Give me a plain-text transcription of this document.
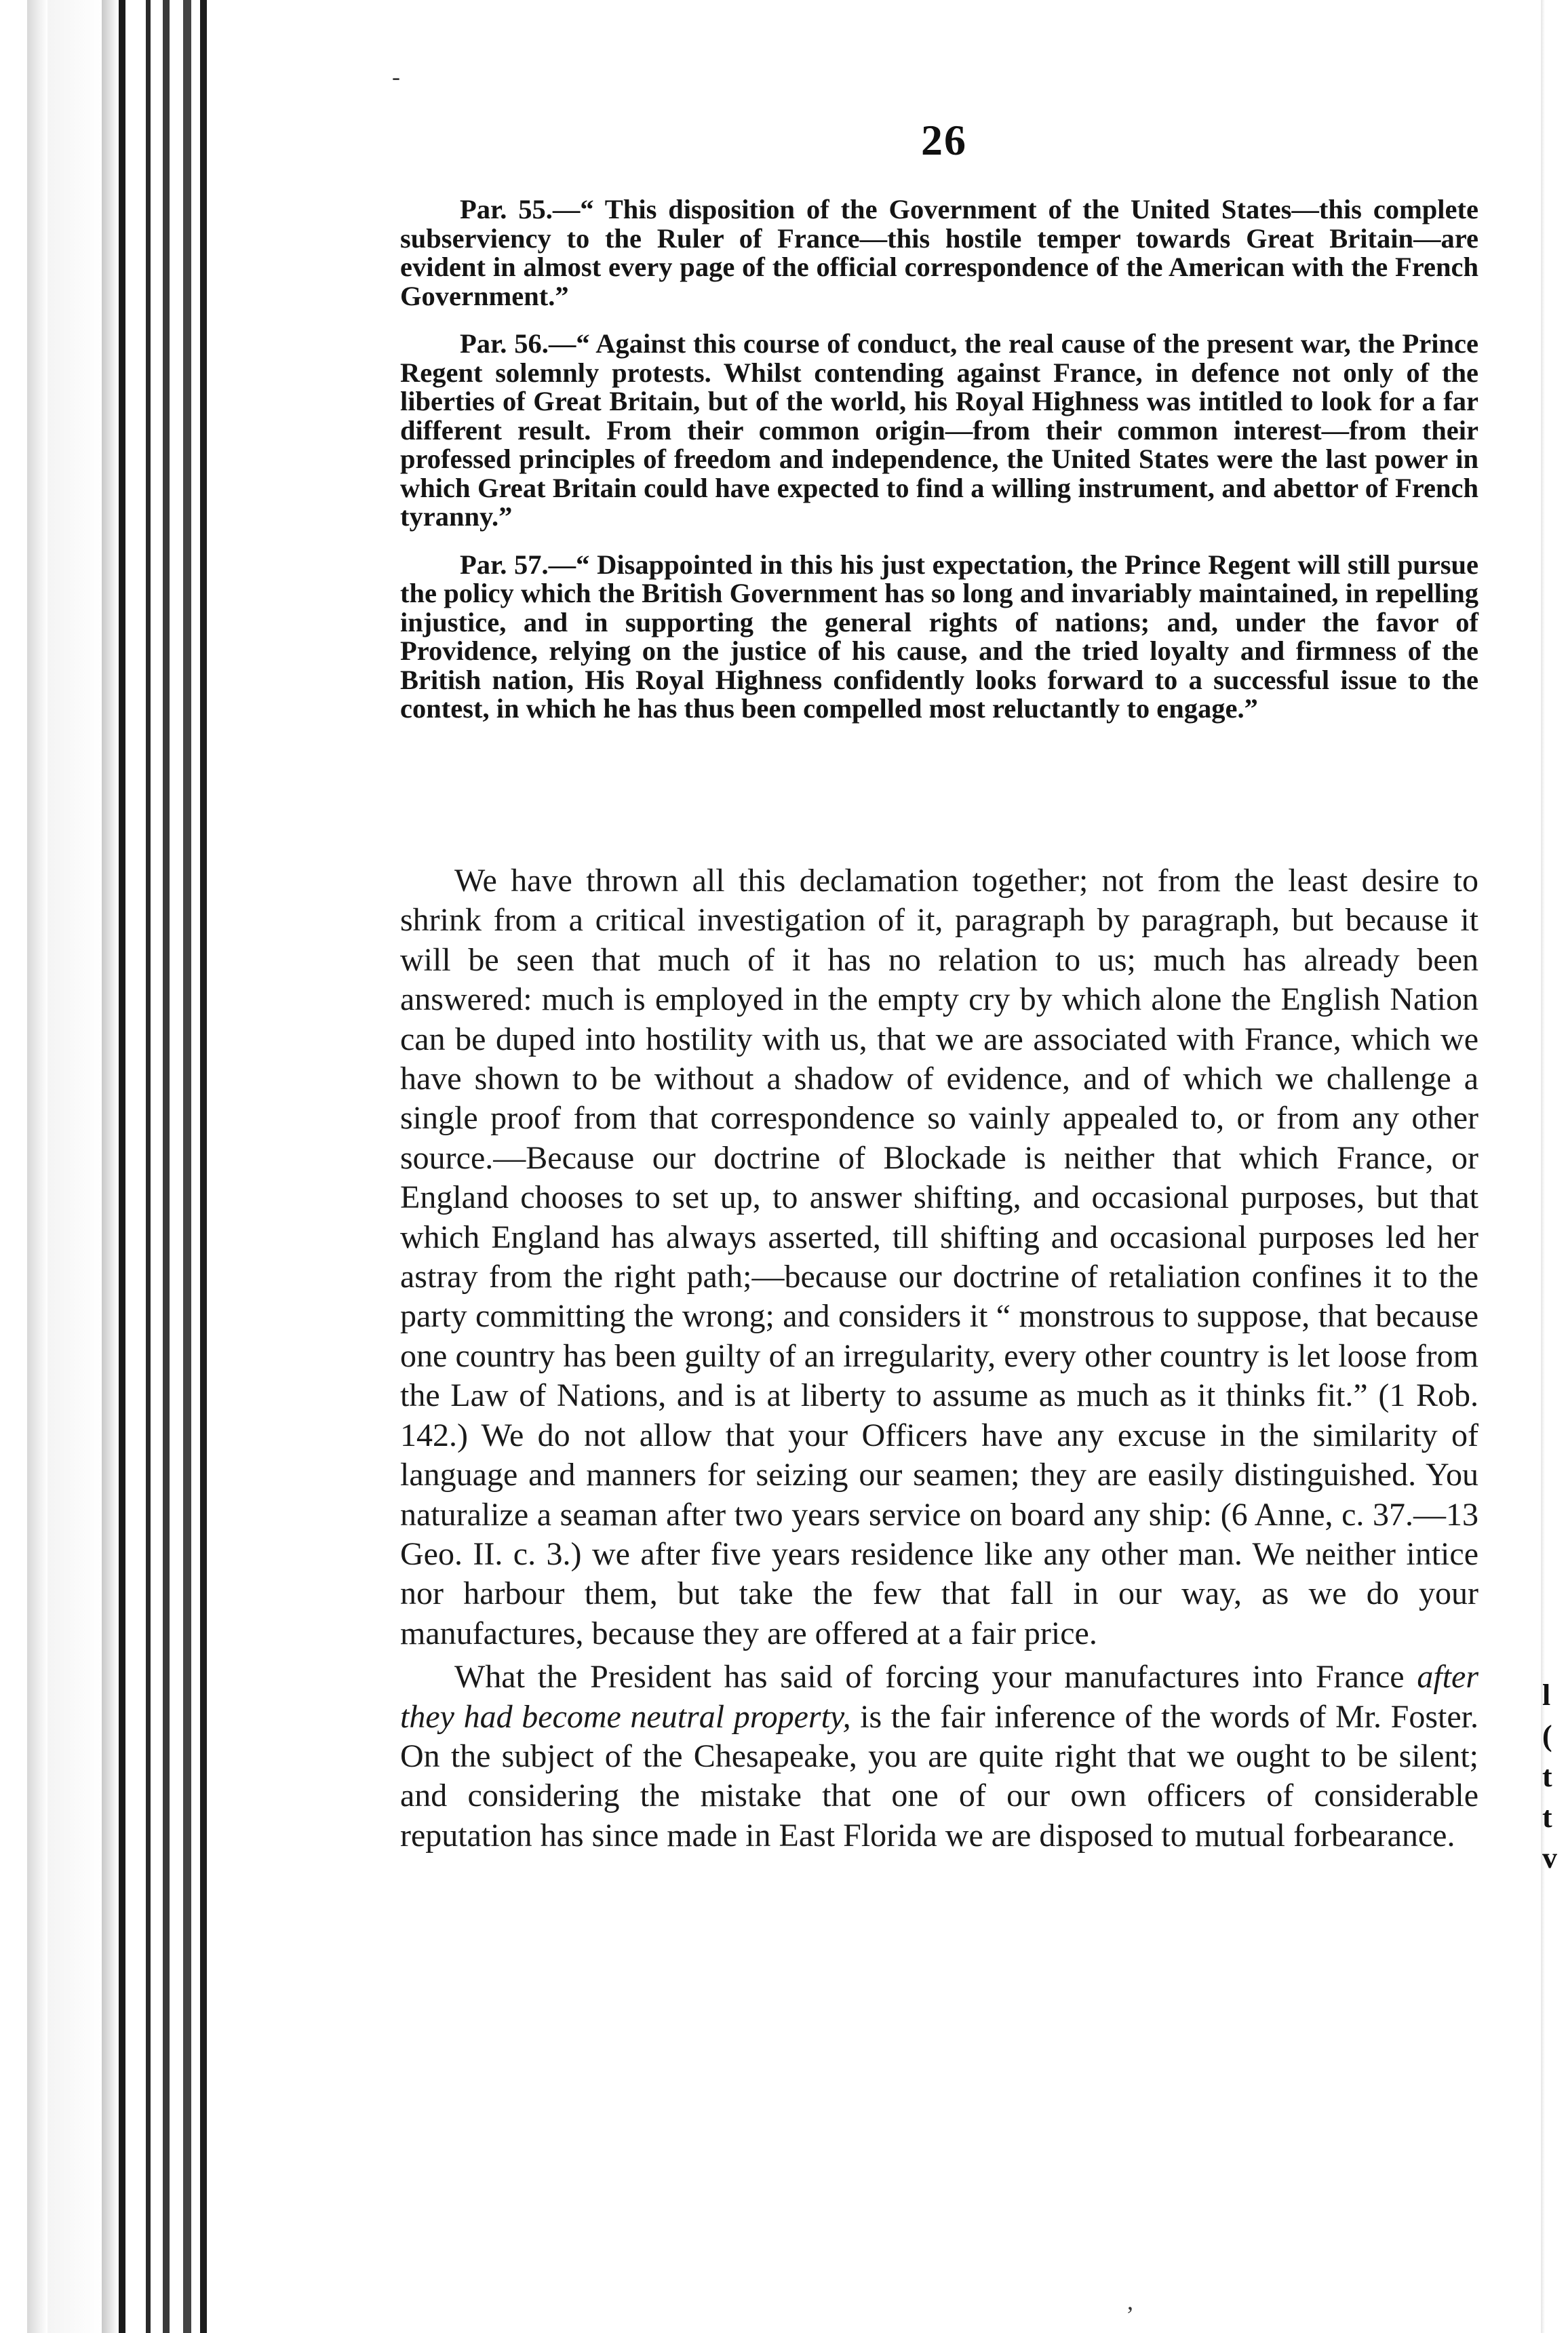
l ( t t v
-
26

Par. 55.—“ This disposition of the Government of the United States—this complete subserviency to the Ruler of France—this hostile temper towards Great Britain—are evident in almost every page of the official correspondence of the American with the French Government.”

Par. 56.—“ Against this course of conduct, the real cause of the present war, the Prince Regent solemnly protests. Whilst contending against France, in defence not only of the liberties of Great Britain, but of the world, his Royal Highness was intitled to look for a far different result. From their common origin—from their common interest—from their professed principles of freedom and independence, the United States were the last power in which Great Britain could have expected to find a willing instrument, and abettor of French tyranny.”

Par. 57.—“ Disappointed in this his just expectation, the Prince Regent will still pursue the policy which the British Government has so long and invariably maintained, in repelling injustice, and in supporting the general rights of nations; and, under the favor of Providence, relying on the justice of his cause, and the tried loyalty and firmness of the British nation, His Royal Highness confidently looks forward to a successful issue to the contest, in which he has thus been compelled most reluctantly to engage.”

We have thrown all this declamation together; not from the least desire to shrink from a critical investigation of it, paragraph by paragraph, but because it will be seen that much of it has no relation to us; much has already been answered: much is employed in the empty cry by which alone the English Nation can be duped into hostility with us, that we are associated with France, which we have shown to be without a shadow of evidence, and of which we challenge a single proof from that correspondence so vainly appealed to, or from any other source.—Because our doctrine of Blockade is neither that which France, or England chooses to set up, to answer shifting, and occasional purposes, but that which England has always asserted, till shifting and occasional purposes led her astray from the right path;—because our doctrine of retaliation confines it to the party committing the wrong; and considers it “ monstrous to suppose, that because one country has been guilty of an irregularity, every other country is let loose from the Law of Nations, and is at liberty to assume as much as it thinks fit.” (1 Rob. 142.) We do not allow that your Officers have any excuse in the similarity of language and manners for seizing our seamen; they are easily distinguished. You naturalize a seaman after two years service on board any ship: (6 Anne, c. 37.—13 Geo. II. c. 3.) we after five years residence like any other man. We neither intice nor harbour them, but take the few that fall in our way, as we do your manufactures, because they are offered at a fair price.

What the President has said of forcing your manufactures into France after they had become neutral property, is the fair inference of the words of Mr. Foster. On the subject of the Chesapeake, you are quite right that we ought to be silent; and considering the mistake that one of our own officers of considerable reputation has since made in East Florida we are disposed to mutual forbearance.

,
